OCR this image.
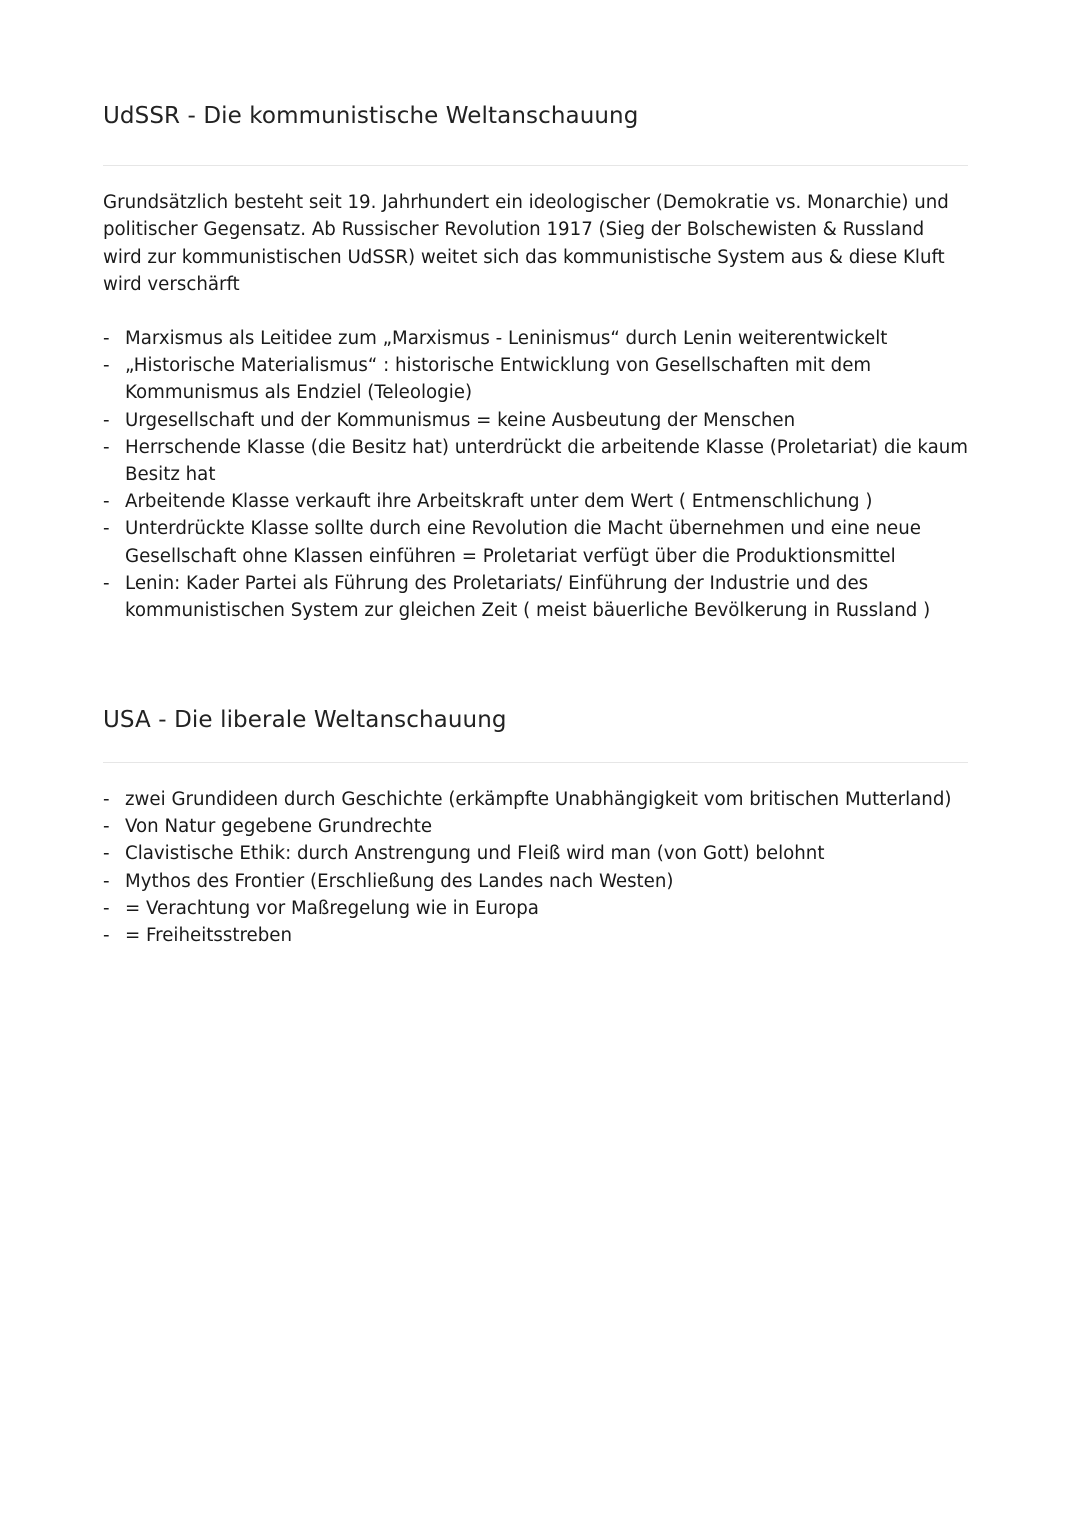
UdSSR - Die kommunistische Weltanschauung

Grundsätzlich besteht seit 19. Jahrhundert ein ideologischer (Demokratie vs. Monarchie) und politischer Gegensatz. Ab Russischer Revolution 1917 (Sieg der Bolschewisten & Russland wird zur kommunistischen UdSSR) weitet sich das kommunistische System aus & diese Kluft wird verschärft

- Marxismus als Leitidee zum „Marxismus - Leninismus“ durch Lenin weiterentwickelt
- „Historische Materialismus“ : historische Entwicklung von Gesellschaften mit dem Kommunismus als Endziel (Teleologie)
- Urgesellschaft und der Kommunismus = keine Ausbeutung der Menschen
- Herrschende Klasse (die Besitz hat) unterdrückt die arbeitende Klasse (Proletariat) die kaum Besitz hat
- Arbeitende Klasse verkauft ihre Arbeitskraft unter dem Wert ( Entmenschlichung )
- Unterdrückte Klasse sollte durch eine Revolution die Macht übernehmen und eine neue Gesellschaft ohne Klassen einführen = Proletariat verfügt über die Produktionsmittel
- Lenin: Kader Partei als Führung des Proletariats/ Einführung der Industrie und des kommunistischen System zur gleichen Zeit ( meist bäuerliche Bevölkerung in Russland )
USA - Die liberale Weltanschauung
- zwei Grundideen durch Geschichte (erkämpfte Unabhängigkeit vom britischen Mutterland)
- Von Natur gegebene Grundrechte
- Clavistische Ethik: durch Anstrengung und Fleiß wird man (von Gott) belohnt
- Mythos des Frontier (Erschließung des Landes nach Westen)
- = Verachtung vor Maßregelung wie in Europa
- = Freiheitsstreben
